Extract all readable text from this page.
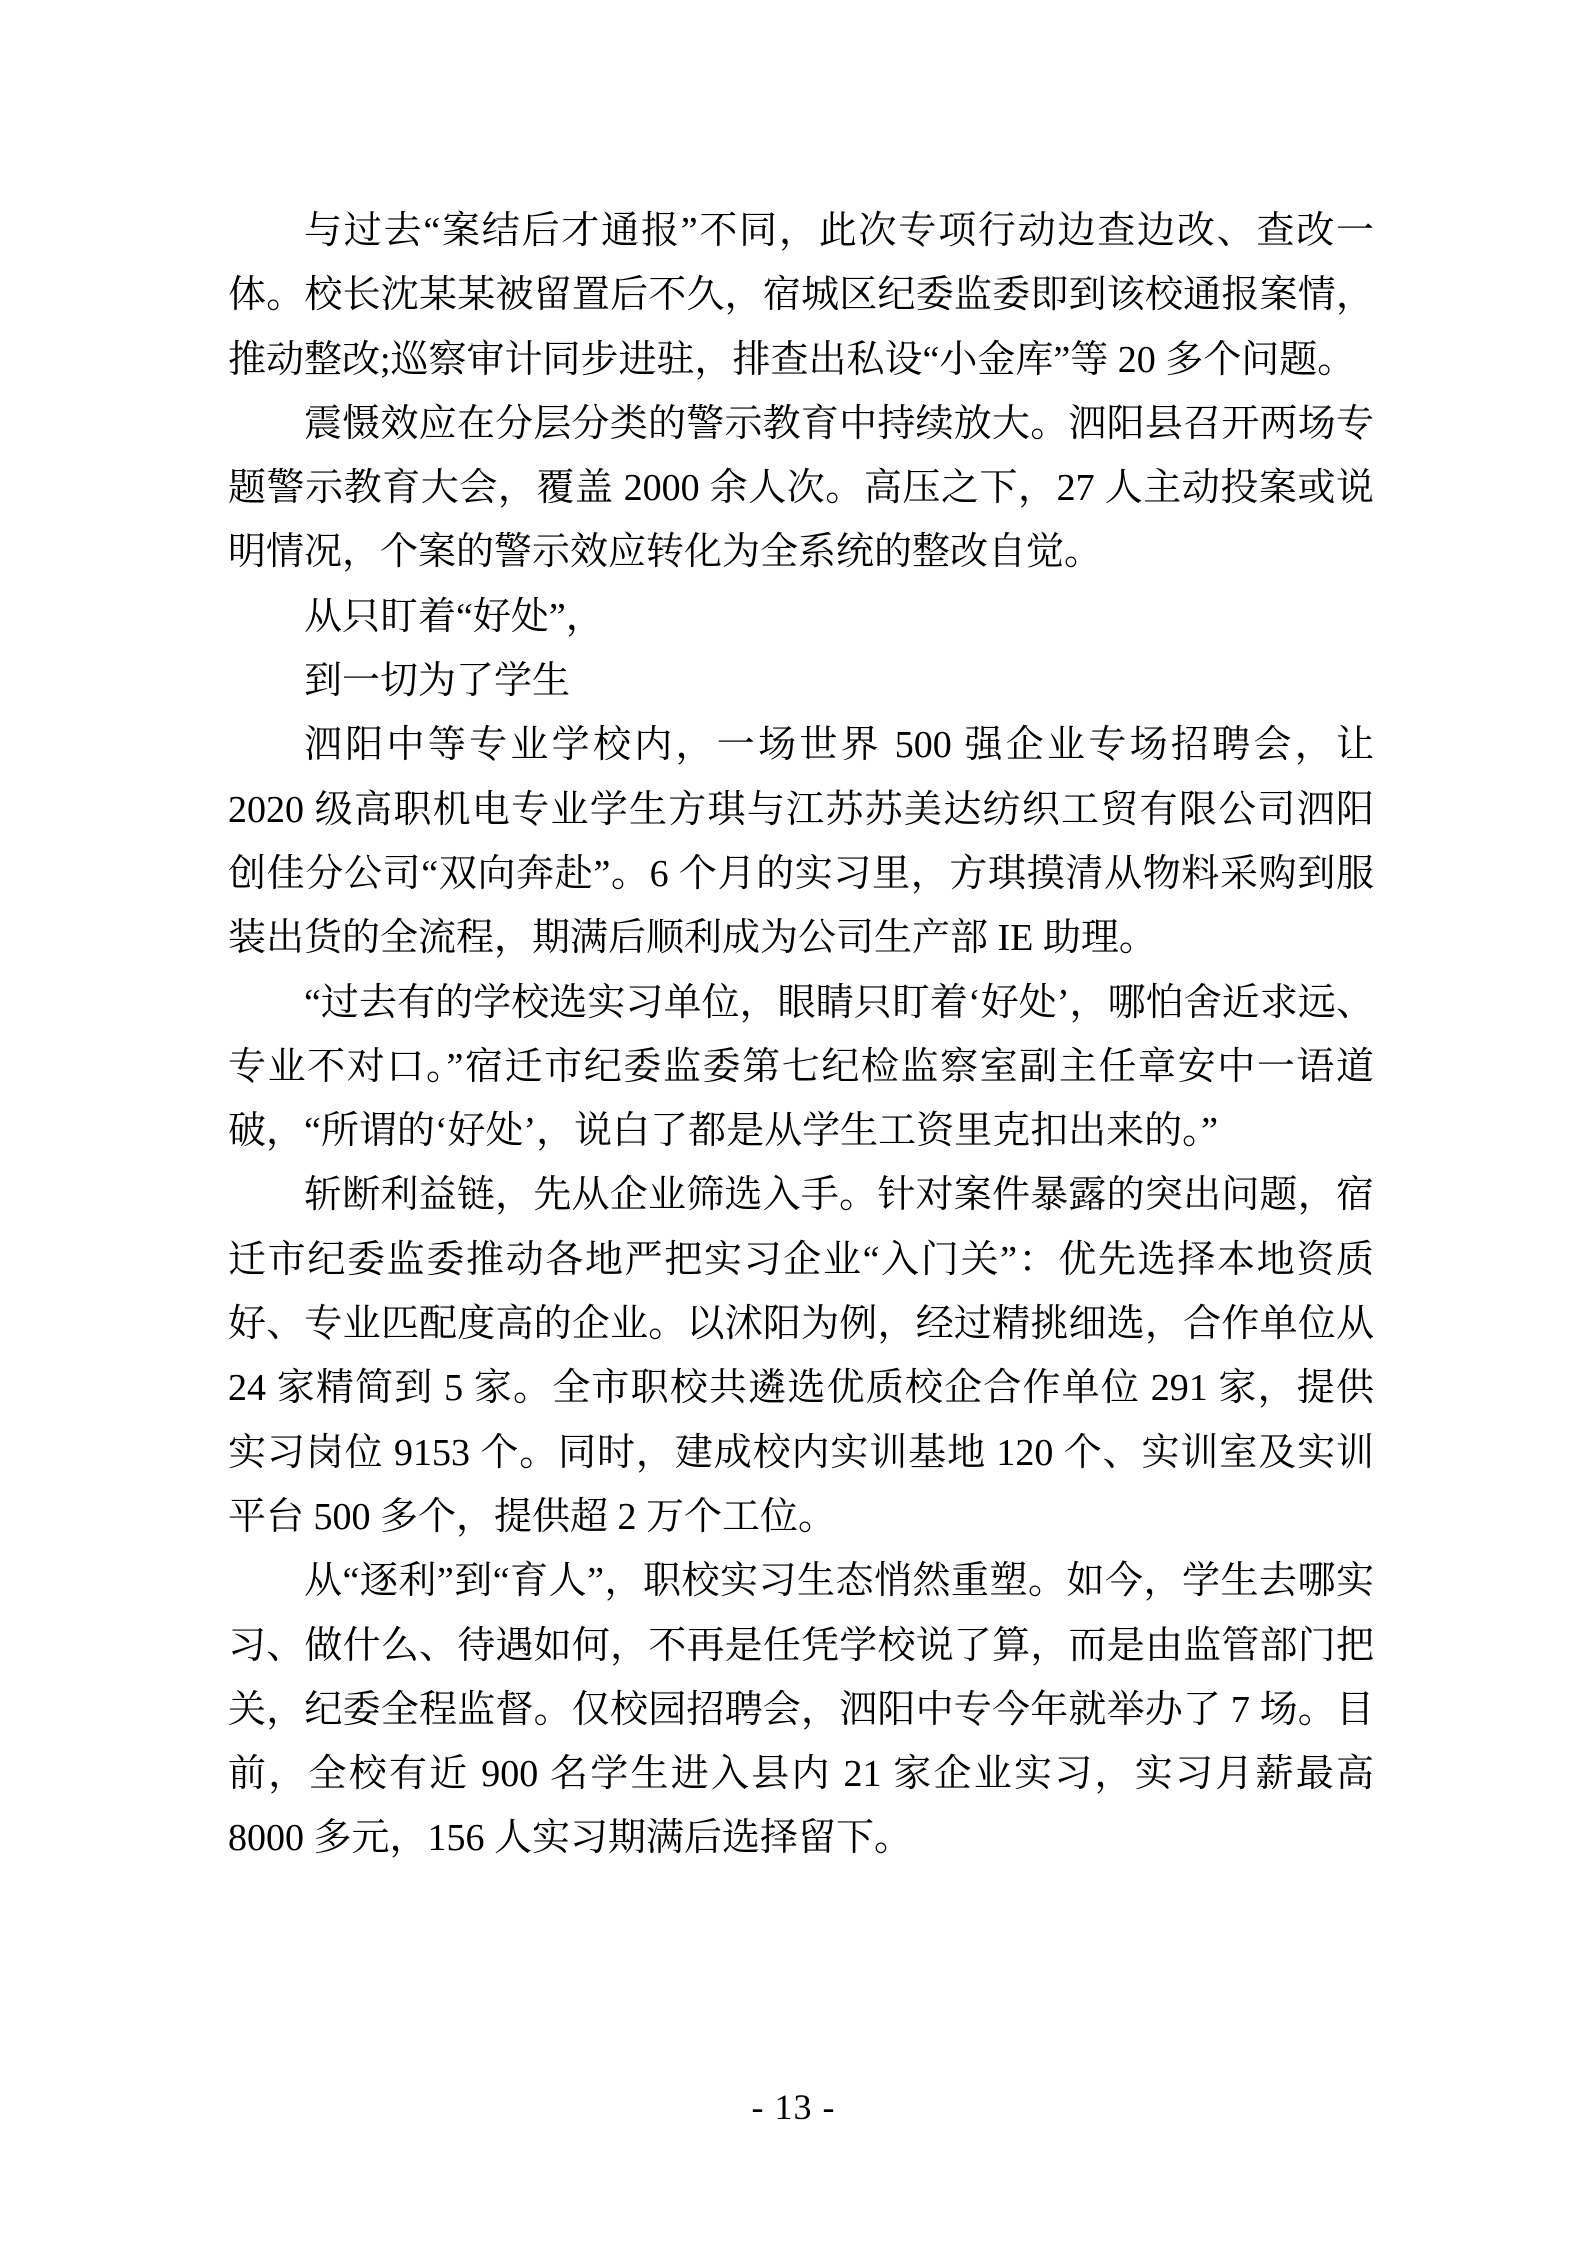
与过去“案结后才通报”不同，此次专项行动边查边改、查改一体。校长沈某某被留置后不久，宿城区纪委监委即到该校通报案情，推动整改;巡察审计同步进驻，排查出私设“小金库”等 20 多个问题。

震慑效应在分层分类的警示教育中持续放大。泗阳县召开两场专题警示教育大会，覆盖 2000 余人次。高压之下，27 人主动投案或说明情况，个案的警示效应转化为全系统的整改自觉。

从只盯着“好处”，

到一切为了学生

泗阳中等专业学校内，一场世界 500 强企业专场招聘会，让 2020 级高职机电专业学生方琪与江苏苏美达纺织工贸有限公司泗阳创佳分公司“双向奔赴”。6 个月的实习里，方琪摸清从物料采购到服装出货的全流程，期满后顺利成为公司生产部 IE 助理。

“过去有的学校选实习单位，眼睛只盯着‘好处’，哪怕舍近求远、专业不对口。”宿迁市纪委监委第七纪检监察室副主任章安中一语道破，“所谓的‘好处’，说白了都是从学生工资里克扣出来的。”

斩断利益链，先从企业筛选入手。针对案件暴露的突出问题，宿迁市纪委监委推动各地严把实习企业“入门关”：优先选择本地资质好、专业匹配度高的企业。以沭阳为例，经过精挑细选，合作单位从 24 家精简到 5 家。全市职校共遴选优质校企合作单位 291 家，提供实习岗位 9153 个。同时，建成校内实训基地 120 个、实训室及实训平台 500 多个，提供超 2 万个工位。

从“逐利”到“育人”，职校实习生态悄然重塑。如今，学生去哪实习、做什么、待遇如何，不再是任凭学校说了算，而是由监管部门把关，纪委全程监督。仅校园招聘会，泗阳中专今年就举办了 7 场。目前，全校有近 900 名学生进入县内 21 家企业实习，实习月薪最高 8000 多元，156 人实习期满后选择留下。

- 13 -
